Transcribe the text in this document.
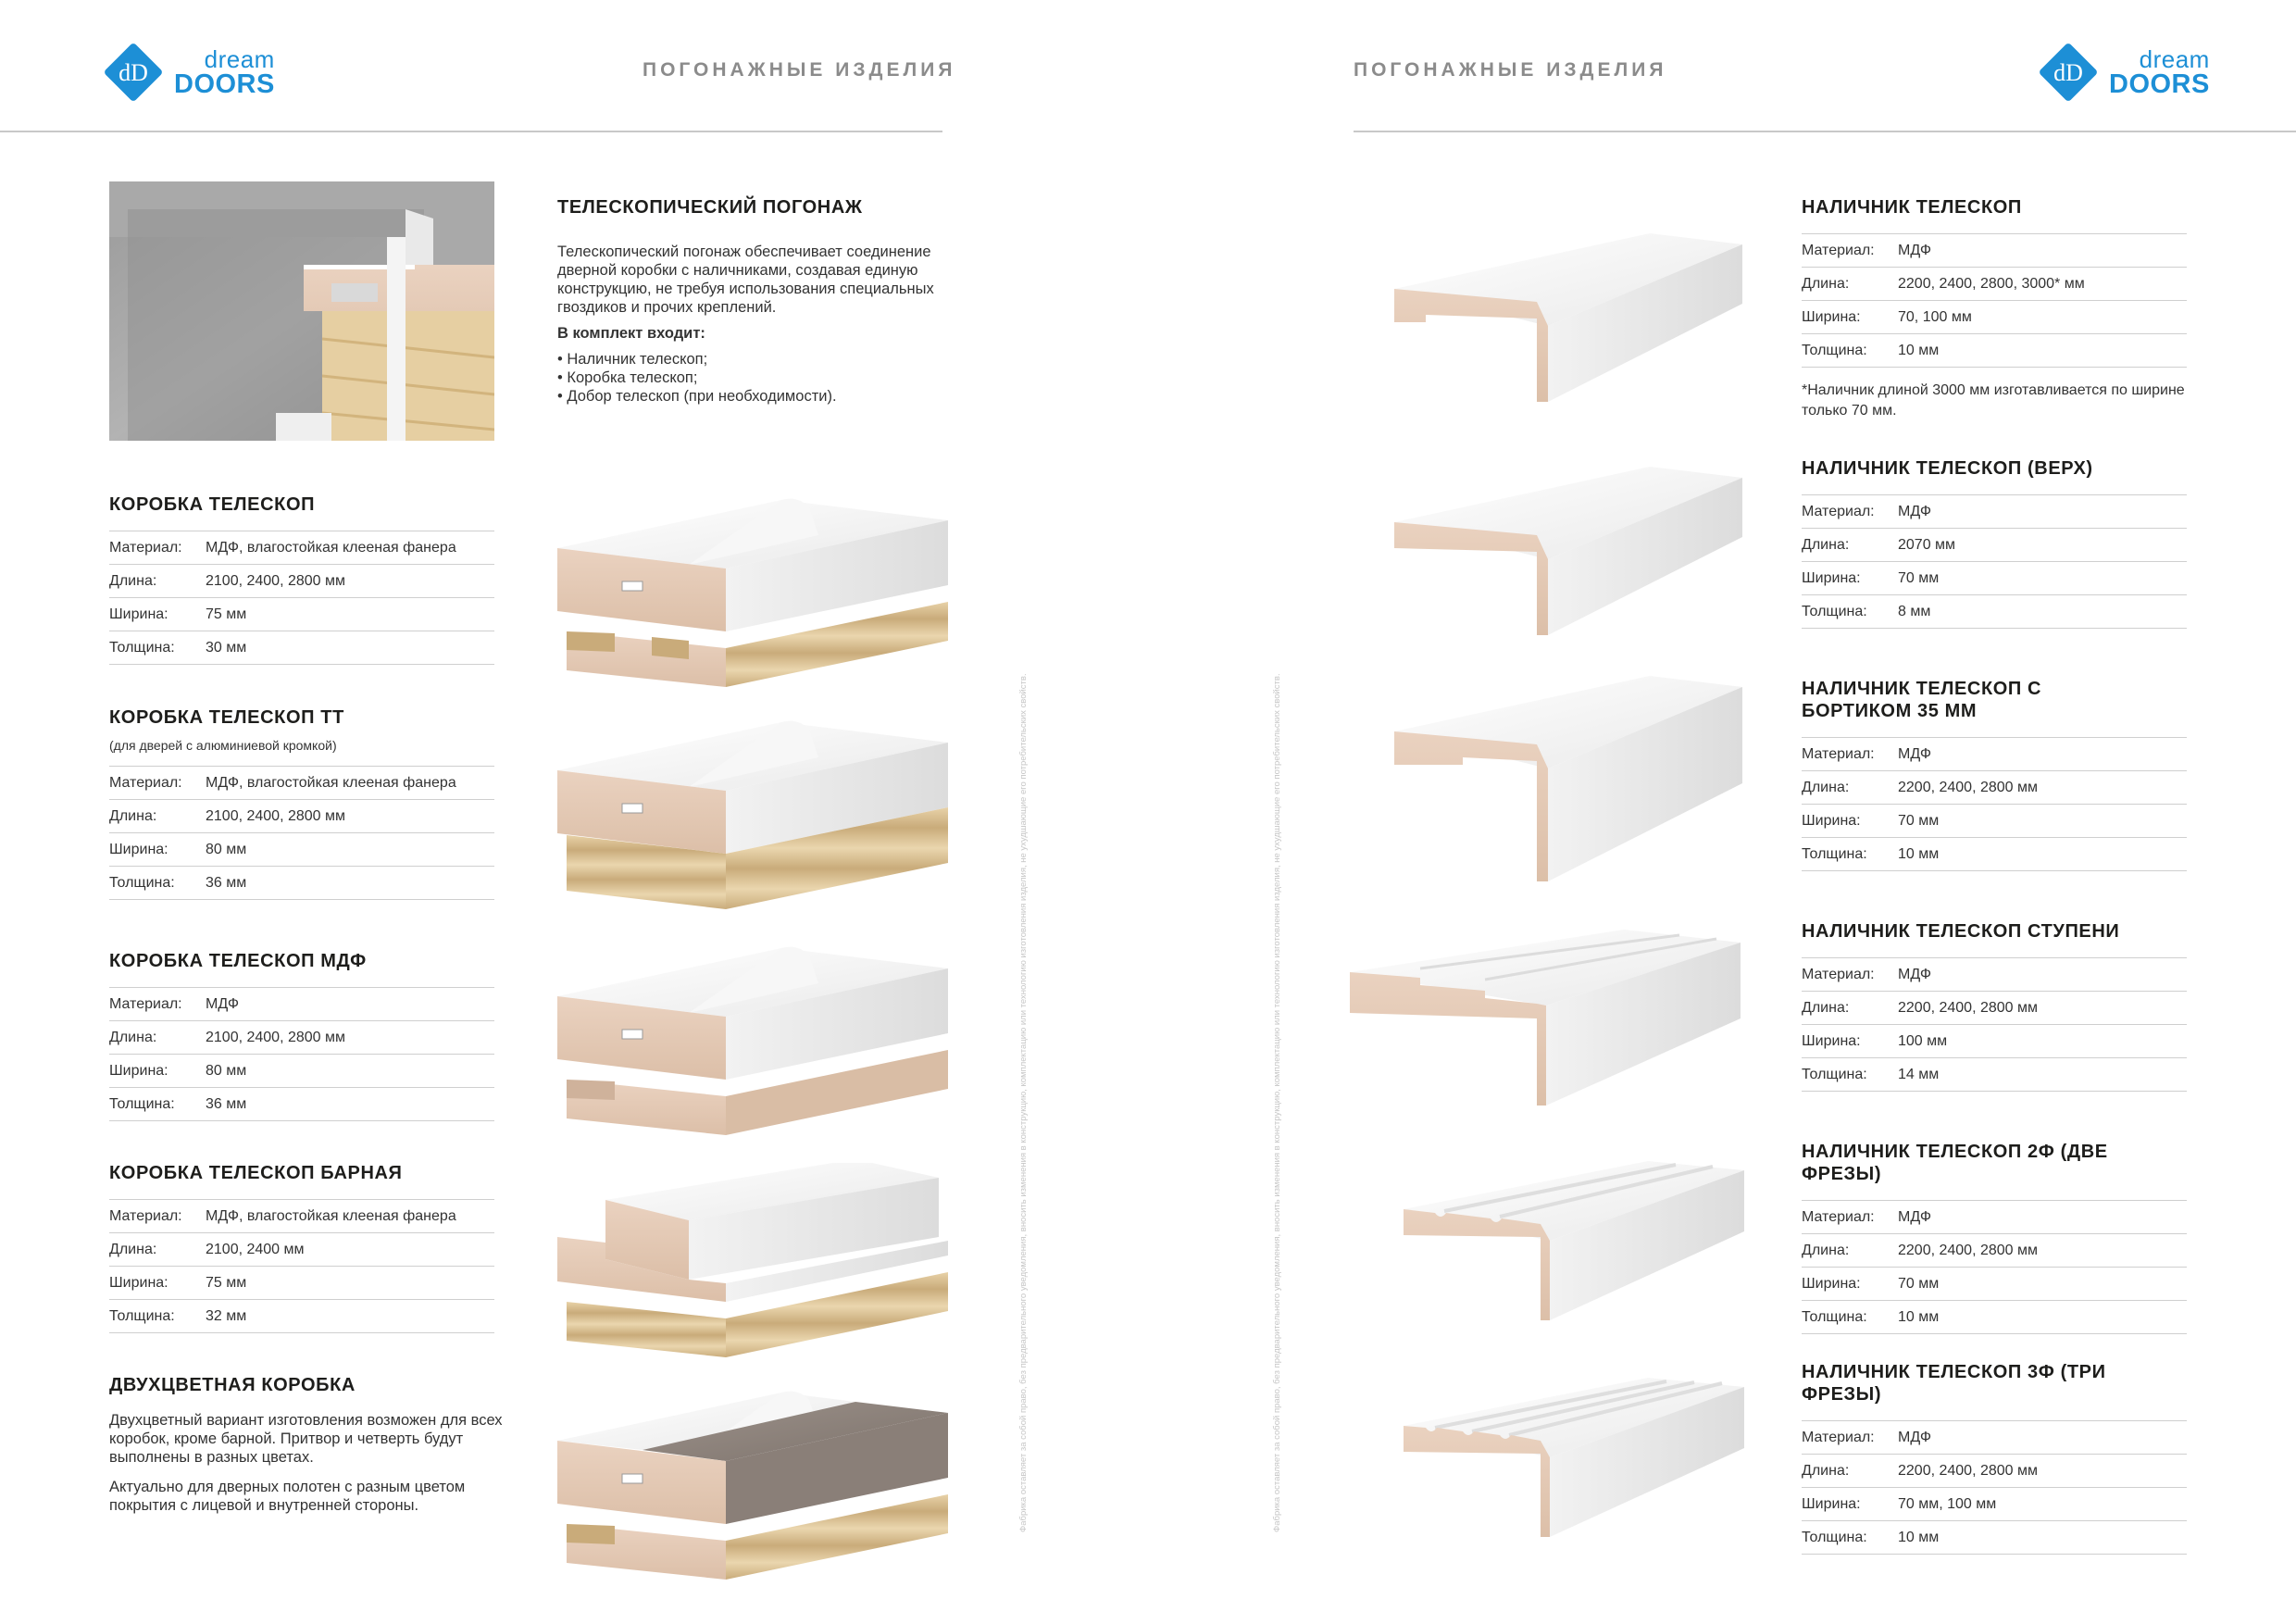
dD	dream
DOORS	ПОГОНАЖНЫЕ ИЗДЕЛИЯ	ПОГОНАЖНЫЕ ИЗДЕЛИЯ	dD	dream
DOORS
ТЕЛЕСКОПИЧЕСКИЙ ПОГОНАЖ

Телескопический погонаж обеспечивает соединение дверной коробки с наличниками, создавая единую конструкцию, не требуя использования специальных гвоздиков и прочих креплений.

В комплект входит:

• Наличник телескоп;
• Коробка телескоп;
• Добор телескоп (при необходимости).
КОРОБКА ТЕЛЕСКОП
Материал:	МДФ, влагостойкая клееная фанера
Длина:	2100, 2400, 2800 мм
Ширина:	75 мм
Толщина:	30 мм
КОРОБКА ТЕЛЕСКОП ТТ
(для дверей с алюминиевой кромкой)
Материал:	МДФ, влагостойкая клееная фанера
Длина:	2100, 2400, 2800 мм
Ширина:	80 мм
Толщина:	36 мм
КОРОБКА ТЕЛЕСКОП МДФ
Материал:	МДФ
Длина:	2100, 2400, 2800 мм
Ширина:	80 мм
Толщина:	36 мм
КОРОБКА ТЕЛЕСКОП БАРНАЯ
Материал:	МДФ, влагостойкая клееная фанера
Длина:	2100, 2400 мм
Ширина:	75 мм
Толщина:	32 мм
ДВУХЦВЕТНАЯ КОРОБКА

Двухцветный вариант изготовления возможен для всех коробок, кроме барной. Притвор и четверть будут выполнены в разных цветах.

Актуально для дверных полотен с разным цветом покрытия с лицевой и внутренней стороны.	Фабрика оставляет за собой право, без предварительного уведомления, вносить изменения в конструкцию, комплектацию или технологию изготовления изделия, не ухудшающие его потребительских свойств.	Фабрика оставляет за собой право, без предварительного уведомления, вносить изменения в конструкцию, комплектацию или технологию изготовления изделия, не ухудшающие его потребительских свойств.
НАЛИЧНИК ТЕЛЕСКОП
Материал:	МДФ
Длина:	2200, 2400, 2800, 3000* мм
Ширина:	70, 100 мм
Толщина:	10 мм
*Наличник длиной 3000 мм изготавливается по ширине только 70 мм.
НАЛИЧНИК ТЕЛЕСКОП (ВЕРХ)
Материал:	МДФ
Длина:	2070 мм
Ширина:	70 мм
Толщина:	8 мм
НАЛИЧНИК ТЕЛЕСКОП С БОРТИКОМ 35 ММ
Материал:	МДФ
Длина:	2200, 2400, 2800 мм
Ширина:	70 мм
Толщина:	10 мм
НАЛИЧНИК ТЕЛЕСКОП СТУПЕНИ
Материал:	МДФ
Длина:	2200, 2400, 2800 мм
Ширина:	100 мм
Толщина:	14 мм
НАЛИЧНИК ТЕЛЕСКОП 2Ф (ДВЕ ФРЕЗЫ)
Материал:	МДФ
Длина:	2200, 2400, 2800 мм
Ширина:	70 мм
Толщина:	10 мм
НАЛИЧНИК ТЕЛЕСКОП 3Ф (ТРИ ФРЕЗЫ)
Материал:	МДФ
Длина:	2200, 2400, 2800 мм
Ширина:	70 мм, 100 мм
Толщина:	10 мм
